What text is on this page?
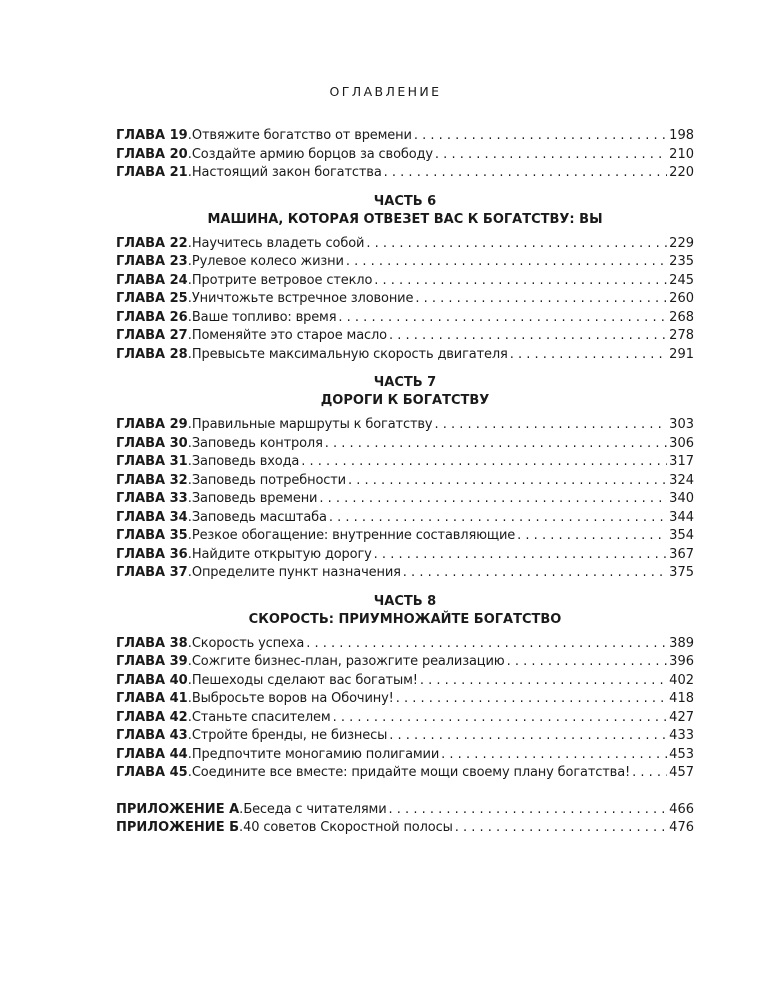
ОГЛАВЛЕНИЕ
ГЛАВА 19 . Отвяжите богатство от времени . . .	198
ГЛАВА 20 . Создайте армию борцов за свободу . . .	210
ГЛАВА 21 . Настоящий закон богатства . . .	220
ЧАСТЬ 6
МАШИНА, КОТОРАЯ ОТВЕЗЕТ ВАС К БОГАТСТВУ: ВЫ
ГЛАВА 22 . Научитесь владеть собой . . .	229
ГЛАВА 23 . Рулевое колесо жизни . . .	235
ГЛАВА 24 . Протрите ветровое стекло . . .	245
ГЛАВА 25 . Уничтожьте встречное зловоние . . .	260
ГЛАВА 26 . Ваше топливо: время . . .	268
ГЛАВА 27 . Поменяйте это старое масло . . .	278
ГЛАВА 28 . Превысьте максимальную скорость двигателя . . .	291
ЧАСТЬ 7
ДОРОГИ К БОГАТСТВУ
ГЛАВА 29 . Правильные маршруты к богатству . . .	303
ГЛАВА 30 . Заповедь контроля . . .	306
ГЛАВА 31 . Заповедь входа . . .	317
ГЛАВА 32 . Заповедь потребности . . .	324
ГЛАВА 33 . Заповедь времени . . .	340
ГЛАВА 34 . Заповедь масштаба . . .	344
ГЛАВА 35 . Резкое обогащение: внутренние составляющие . . .	354
ГЛАВА 36 . Найдите открытую дорогу . . .	367
ГЛАВА 37 . Определите пункт назначения . . .	375
ЧАСТЬ 8
СКОРОСТЬ: ПРИУМНОЖАЙТЕ БОГАТСТВО
ГЛАВА 38 . Скорость успеха . . .	389
ГЛАВА 39 . Сожгите бизнес-план, разожгите реализацию . . .	396
ГЛАВА 40 . Пешеходы сделают вас богатым! . . .	402
ГЛАВА 41 . Выбросьте воров на Обочину! . . .	418
ГЛАВА 42 . Станьте спасителем . . .	427
ГЛАВА 43 . Стройте бренды, не бизнесы . . .	433
ГЛАВА 44 . Предпочтите моногамию полигамии . . .	453
ГЛАВА 45 . Соедините все вместе: придайте мощи своему плану богатства! . . .	457
ПРИЛОЖЕНИЕ А . Беседа с читателями . . .	466
ПРИЛОЖЕНИЕ Б . 40 советов Скоростной полосы . . .	476
